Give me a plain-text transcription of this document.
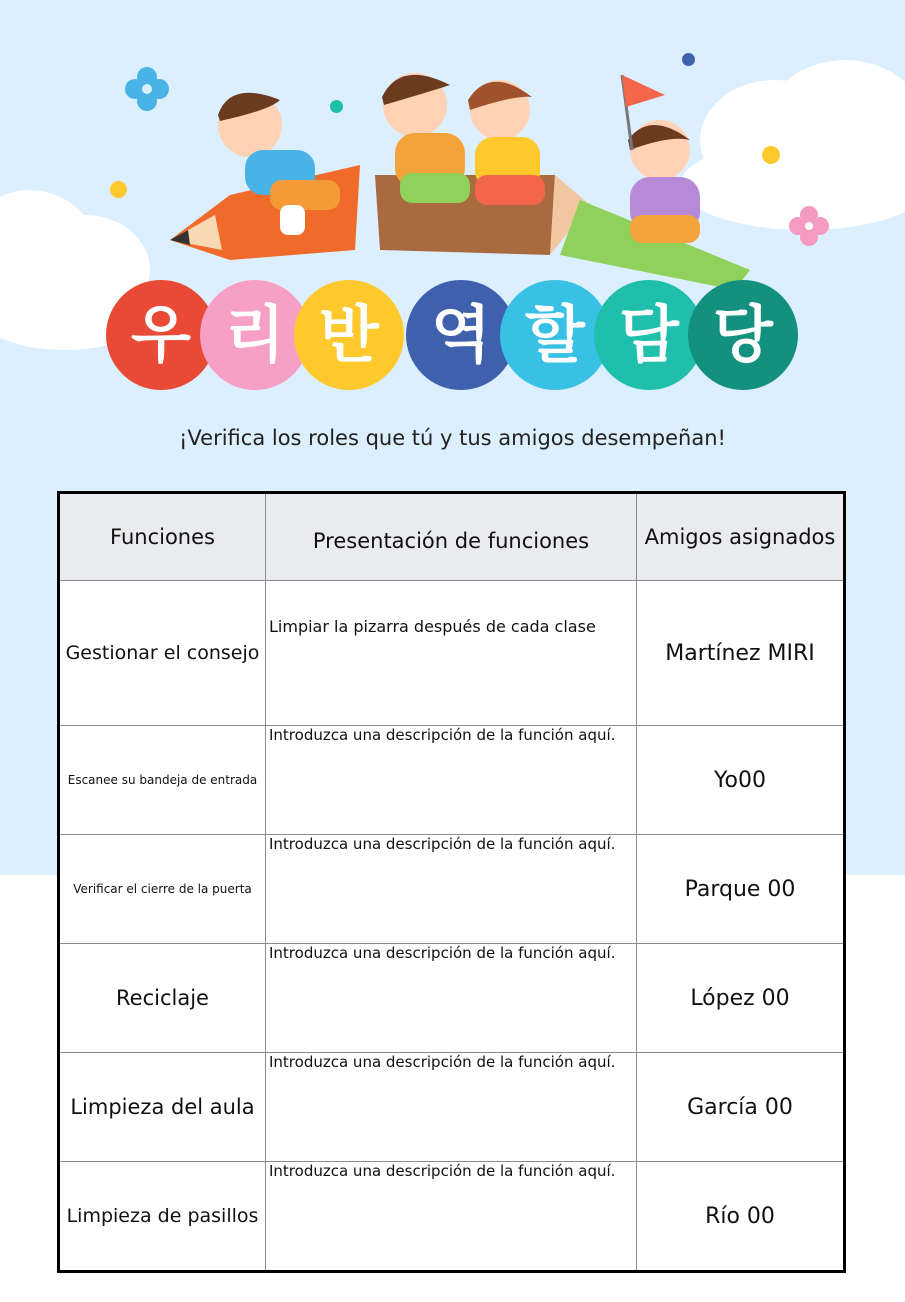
우 리 반 역 할 담 당
¡Verifica los roles que tú y tus amigos desempeñan!
Funciones	Presentación de funciones	Amigos asignados
Gestionar el consejo	Limpiar la pizarra después de cada clase	Martínez MIRI
Escanee su bandeja de entrada	Introduzca una descripción de la función aquí.	Yo00
Verificar el cierre de la puerta	Introduzca una descripción de la función aquí.	Parque 00
Reciclaje	Introduzca una descripción de la función aquí.	López 00
Limpieza del aula	Introduzca una descripción de la función aquí.	García 00
Limpieza de pasillos	Introduzca una descripción de la función aquí.	Río 00
